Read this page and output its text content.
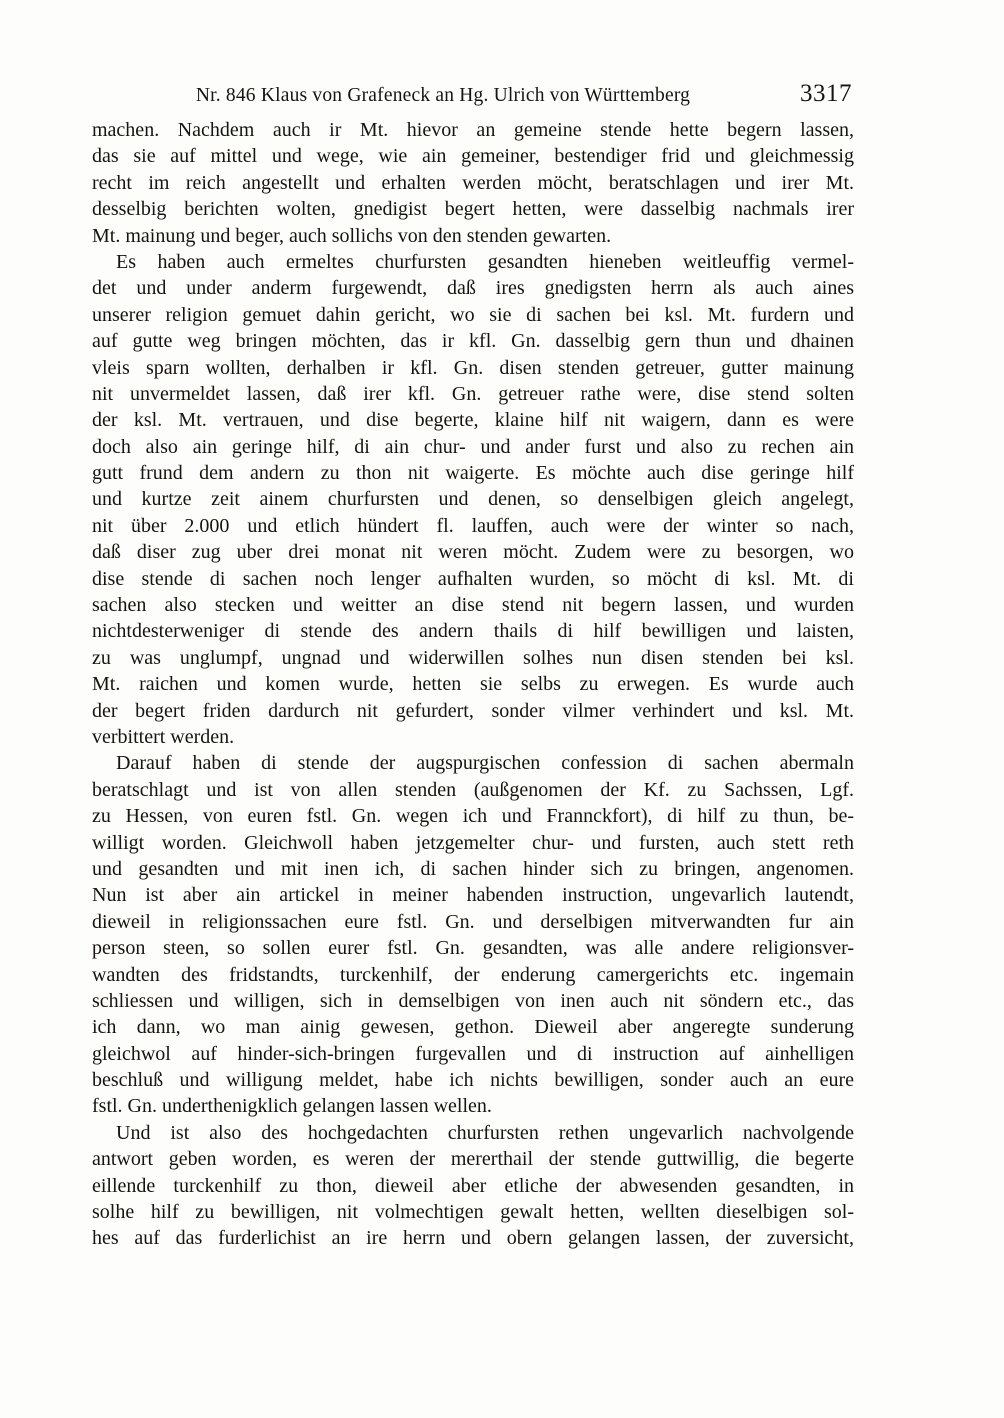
Nr. 846 Klaus von Grafeneck an Hg. Ulrich von Württemberg	3317
machen. Nachdem auch ir Mt. hievor an gemeine stende hette begern lassen,
das sie auf mittel und wege, wie ain gemeiner, bestendiger frid und gleichmessig
recht im reich angestellt und erhalten werden möcht, beratschlagen und irer Mt.
desselbig berichten wolten, gnedigist begert hetten, were dasselbig nachmals irer
Mt. mainung und beger, auch sollichs von den stenden gewarten.
Es haben auch ermeltes churfursten gesandten hieneben weitleuffig vermel-
det und under anderm furgewendt, daß ires gnedigsten herrn als auch aines
unserer religion gemuet dahin gericht, wo sie di sachen bei ksl. Mt. furdern und
auf gutte weg bringen möchten, das ir kfl. Gn. dasselbig gern thun und dhainen
vleis sparn wollten, derhalben ir kfl. Gn. disen stenden getreuer, gutter mainung
nit unvermeldet lassen, daß irer kfl. Gn. getreuer rathe were, dise stend solten
der ksl. Mt. vertrauen, und dise begerte, klaine hilf nit waigern, dann es were
doch also ain geringe hilf, di ain chur- und ander furst und also zu rechen ain
gutt frund dem andern zu thon nit waigerte. Es möchte auch dise geringe hilf
und kurtze zeit ainem churfursten und denen, so denselbigen gleich angelegt,
nit über 2.000 und etlich hündert fl. lauffen, auch were der winter so nach,
daß diser zug uber drei monat nit weren möcht. Zudem were zu besorgen, wo
dise stende di sachen noch lenger aufhalten wurden, so möcht di ksl. Mt. di
sachen also stecken und weitter an dise stend nit begern lassen, und wurden
nichtdesterweniger di stende des andern thails di hilf bewilligen und laisten,
zu was unglumpf, ungnad und widerwillen solhes nun disen stenden bei ksl.
Mt. raichen und komen wurde, hetten sie selbs zu erwegen. Es wurde auch
der begert friden dardurch nit gefurdert, sonder vilmer verhindert und ksl. Mt.
verbittert werden.
Darauf haben di stende der augspurgischen confession di sachen abermaln
beratschlagt und ist von allen stenden (außgenomen der Kf. zu Sachssen, Lgf.
zu Hessen, von euren fstl. Gn. wegen ich und Frannckfort), di hilf zu thun, be-
willigt worden. Gleichwoll haben jetzgemelter chur- und fursten, auch stett reth
und gesandten und mit inen ich, di sachen hinder sich zu bringen, angenomen.
Nun ist aber ain artickel in meiner habenden instruction, ungevarlich lautendt,
dieweil in religionssachen eure fstl. Gn. und derselbigen mitverwandten fur ain
person steen, so sollen eurer fstl. Gn. gesandten, was alle andere religionsver-
wandten des fridstandts, turckenhilf, der enderung camergerichts etc. ingemain
schliessen und willigen, sich in demselbigen von inen auch nit söndern etc., das
ich dann, wo man ainig gewesen, gethon. Dieweil aber angeregte sunderung
gleichwol auf hinder-sich-bringen furgevallen und di instruction auf ainhelligen
beschluß und willigung meldet, habe ich nichts bewilligen, sonder auch an eure
fstl. Gn. underthenigklich gelangen lassen wellen.
Und ist also des hochgedachten churfursten rethen ungevarlich nachvolgende
antwort geben worden, es weren der mererthail der stende guttwillig, die begerte
eillende turckenhilf zu thon, dieweil aber etliche der abwesenden gesandten, in
solhe hilf zu bewilligen, nit volmechtigen gewalt hetten, wellten dieselbigen sol-
hes auf das furderlichist an ire herrn und obern gelangen lassen, der zuversicht,
